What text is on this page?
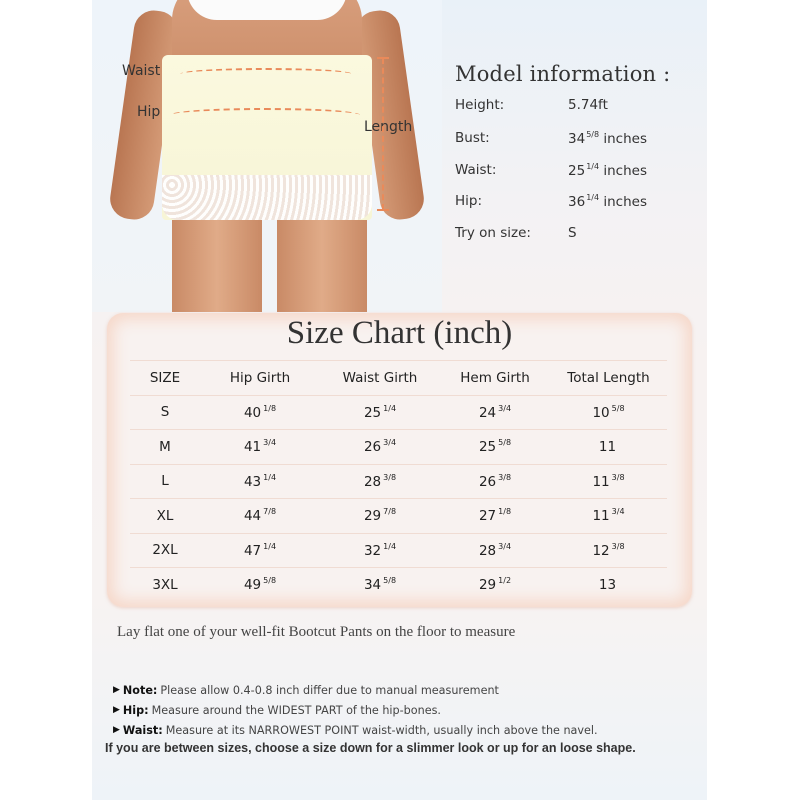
Waist
Hip
Length
Model information :
Height:	5.74ft
Bust:	$34^{5/8}$ inches
Waist:	$25^{1/4}$ inches
Hip:	$36^{1/4}$ inches
Try on size:	S
Size Chart (inch)
SIZE	Hip Girth	Waist Girth	Hem Girth	Total Length
S	40 $^{1/8}$	25 $^{1/4}$	24 $^{3/4}$	10 $^{5/8}$
M	41 $^{3/4}$	26 $^{3/4}$	25 $^{5/8}$	11
L	43 $^{1/4}$	28 $^{3/8}$	26 $^{3/8}$	11 $^{3/8}$
XL	44 $^{7/8}$	29 $^{7/8}$	27 $^{1/8}$	11 $^{3/4}$
2XL	47 $^{1/4}$	32 $^{1/4}$	28 $^{3/4}$	12 $^{3/8}$
3XL	49 $^{5/8}$	34 $^{5/8}$	29 $^{1/2}$	13
Lay flat one of your well-fit Bootcut Pants on the floor to measure
▶ Note: Please allow 0.4-0.8 inch differ due to manual measurement
▶ Hip: Measure around the WIDEST PART of the hip-bones.
▶ Waist: Measure at its NARROWEST POINT waist-width, usually inch above the navel.
If you are between sizes, choose a size down for a slimmer look or up for an loose shape.
